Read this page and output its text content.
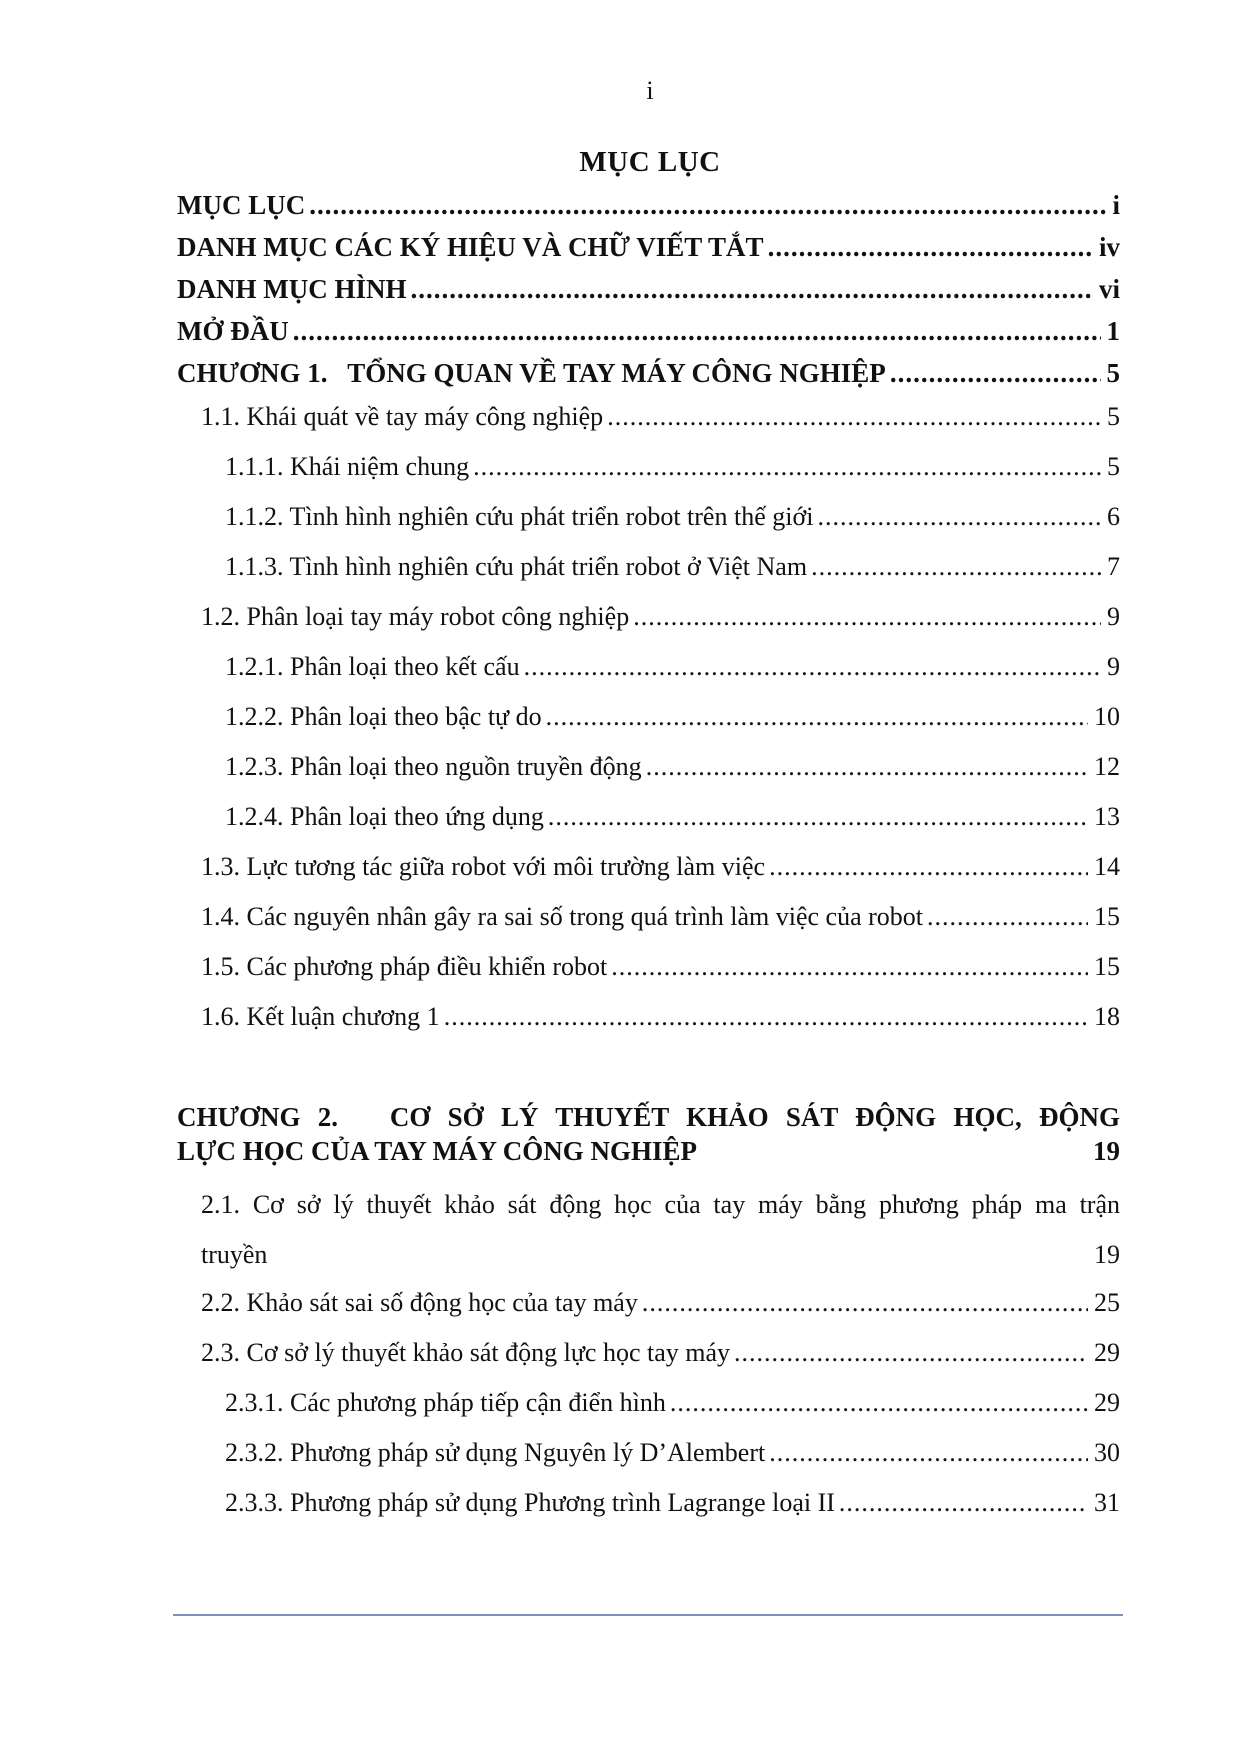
i
MỤC LỤC
MỤC LỤC .....	i
DANH MỤC CÁC KÝ HIỆU VÀ CHỮ VIẾT TẮT .....	iv
DANH MỤC HÌNH .....	vi
MỞ ĐẦU .....	1
CHƯƠNG 1.   TỔNG QUAN VỀ TAY MÁY CÔNG NGHIỆP .....	5
1.1. Khái quát về tay máy công nghiệp .....	5
1.1.1. Khái niệm chung .....	5
1.1.2. Tình hình nghiên cứu phát triển robot trên thế giới .....	6
1.1.3. Tình hình nghiên cứu phát triển robot ở Việt Nam .....	7
1.2. Phân loại tay máy robot công nghiệp .....	9
1.2.1. Phân loại theo kết cấu .....	9
1.2.2. Phân loại theo bậc tự do .....	10
1.2.3. Phân loại theo nguồn truyền động .....	12
1.2.4. Phân loại theo ứng dụng .....	13
1.3. Lực tương tác giữa robot với môi trường làm việc .....	14
1.4. Các nguyên nhân gây ra sai số trong quá trình làm việc của robot .....	15
1.5. Các phương pháp điều khiển robot .....	15
1.6. Kết luận chương 1 .....	18
CHƯƠNG 2.   CƠ SỞ LÝ THUYẾT KHẢO SÁT ĐỘNG HỌC, ĐỘNG
LỰC HỌC CỦA TAY MÁY CÔNG NGHIỆP	19
2.1. Cơ sở lý thuyết khảo sát động học của tay máy bằng phương pháp ma trận
truyền	19
2.2. Khảo sát sai số động học của tay máy .....	25
2.3. Cơ sở lý thuyết khảo sát động lực học tay máy .....	29
2.3.1. Các phương pháp tiếp cận điển hình .....	29
2.3.2. Phương pháp sử dụng Nguyên lý D’Alembert .....	30
2.3.3. Phương pháp sử dụng Phương trình Lagrange loại II .....	31
